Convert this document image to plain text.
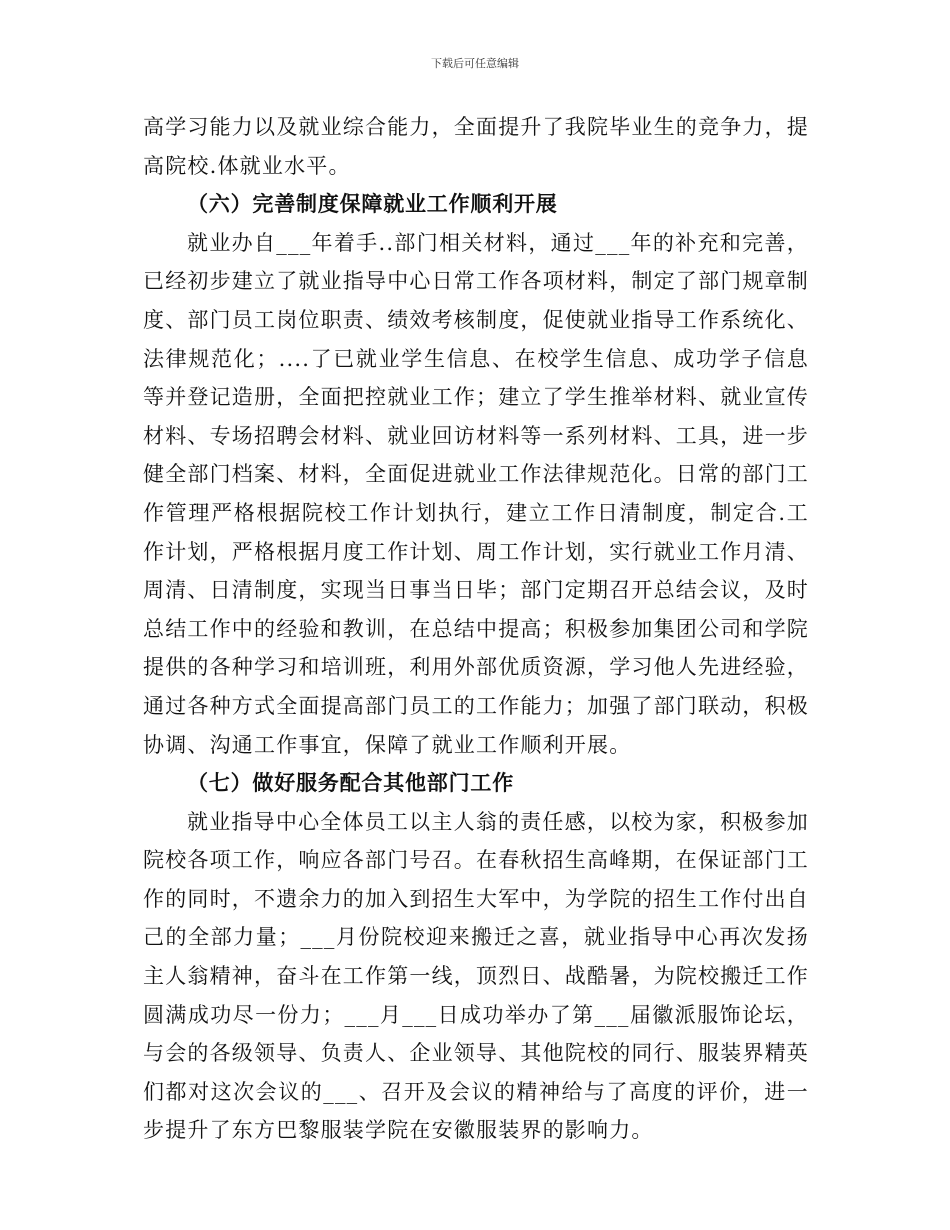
下载后可任意编辑

高学习能力以及就业综合能力，全面提升了我院毕业生的竞争力，提高院校.体就业水平。

（六）完善制度保障就业工作顺利开展

就业办自___年着手..部门相关材料，通过___年的补充和完善，已经初步建立了就业指导中心日常工作各项材料，制定了部门规章制度、部门员工岗位职责、绩效考核制度，促使就业指导工作系统化、法律规范化；....了已就业学生信息、在校学生信息、成功学子信息等并登记造册，全面把控就业工作；建立了学生推举材料、就业宣传材料、专场招聘会材料、就业回访材料等一系列材料、工具，进一步健全部门档案、材料，全面促进就业工作法律规范化。日常的部门工作管理严格根据院校工作计划执行，建立工作日清制度，制定合.工作计划，严格根据月度工作计划、周工作计划，实行就业工作月清、周清、日清制度，实现当日事当日毕；部门定期召开总结会议，及时总结工作中的经验和教训，在总结中提高；积极参加集团公司和学院提供的各种学习和培训班，利用外部优质资源，学习他人先进经验，通过各种方式全面提高部门员工的工作能力；加强了部门联动，积极协调、沟通工作事宜，保障了就业工作顺利开展。

（七）做好服务配合其他部门工作

就业指导中心全体员工以主人翁的责任感，以校为家，积极参加院校各项工作，响应各部门号召。在春秋招生高峰期，在保证部门工作的同时，不遗余力的加入到招生大军中，为学院的招生工作付出自己的全部力量；___月份院校迎来搬迁之喜，就业指导中心再次发扬主人翁精神，奋斗在工作第一线，顶烈日、战酷暑，为院校搬迁工作圆满成功尽一份力；___月___日成功举办了第___届徽派服饰论坛，与会的各级领导、负责人、企业领导、其他院校的同行、服装界精英们都对这次会议的___、召开及会议的精神给与了高度的评价，进一步提升了东方巴黎服装学院在安徽服装界的影响力。
